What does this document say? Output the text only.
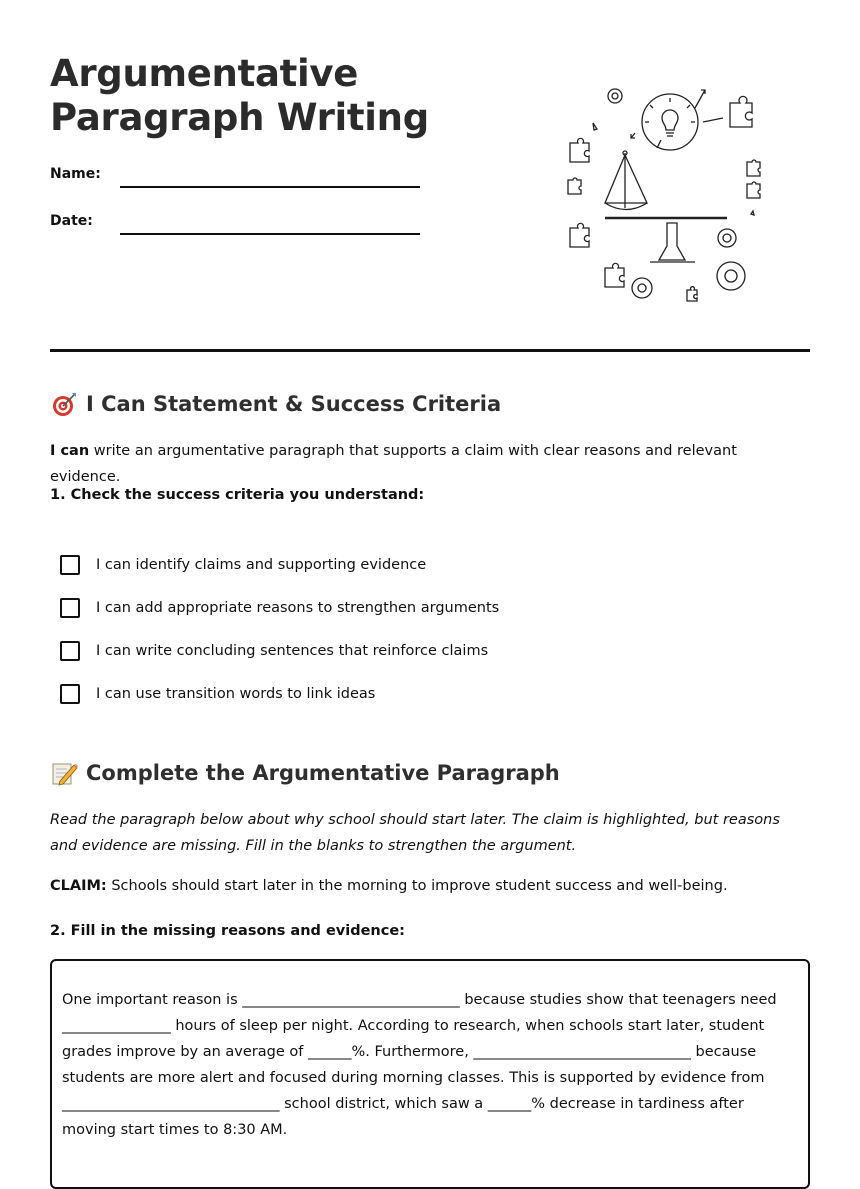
Argumentative
Paragraph Writing
Name:
Date:
I Can Statement & Success Criteria
I can write an argumentative paragraph that supports a claim with clear reasons and relevant evidence.
1. Check the success criteria you understand:
I can identify claims and supporting evidence
I can add appropriate reasons to strengthen arguments
I can write concluding sentences that reinforce claims
I can use transition words to link ideas
Complete the Argumentative Paragraph
Read the paragraph below about why school should start later. The claim is highlighted, but reasons and evidence are missing. Fill in the blanks to strengthen the argument.
CLAIM: Schools should start later in the morning to improve student success and well-being.
2. Fill in the missing reasons and evidence:

One important reason is ______________________________ because studies show that teenagers need _______________ hours of sleep per night. According to research, when schools start later, student grades improve by an average of ______%. Furthermore, ______________________________ because students are more alert and focused during morning classes. This is supported by evidence from ______________________________ school district, which saw a ______% decrease in tardiness after moving start times to 8:30 AM.
